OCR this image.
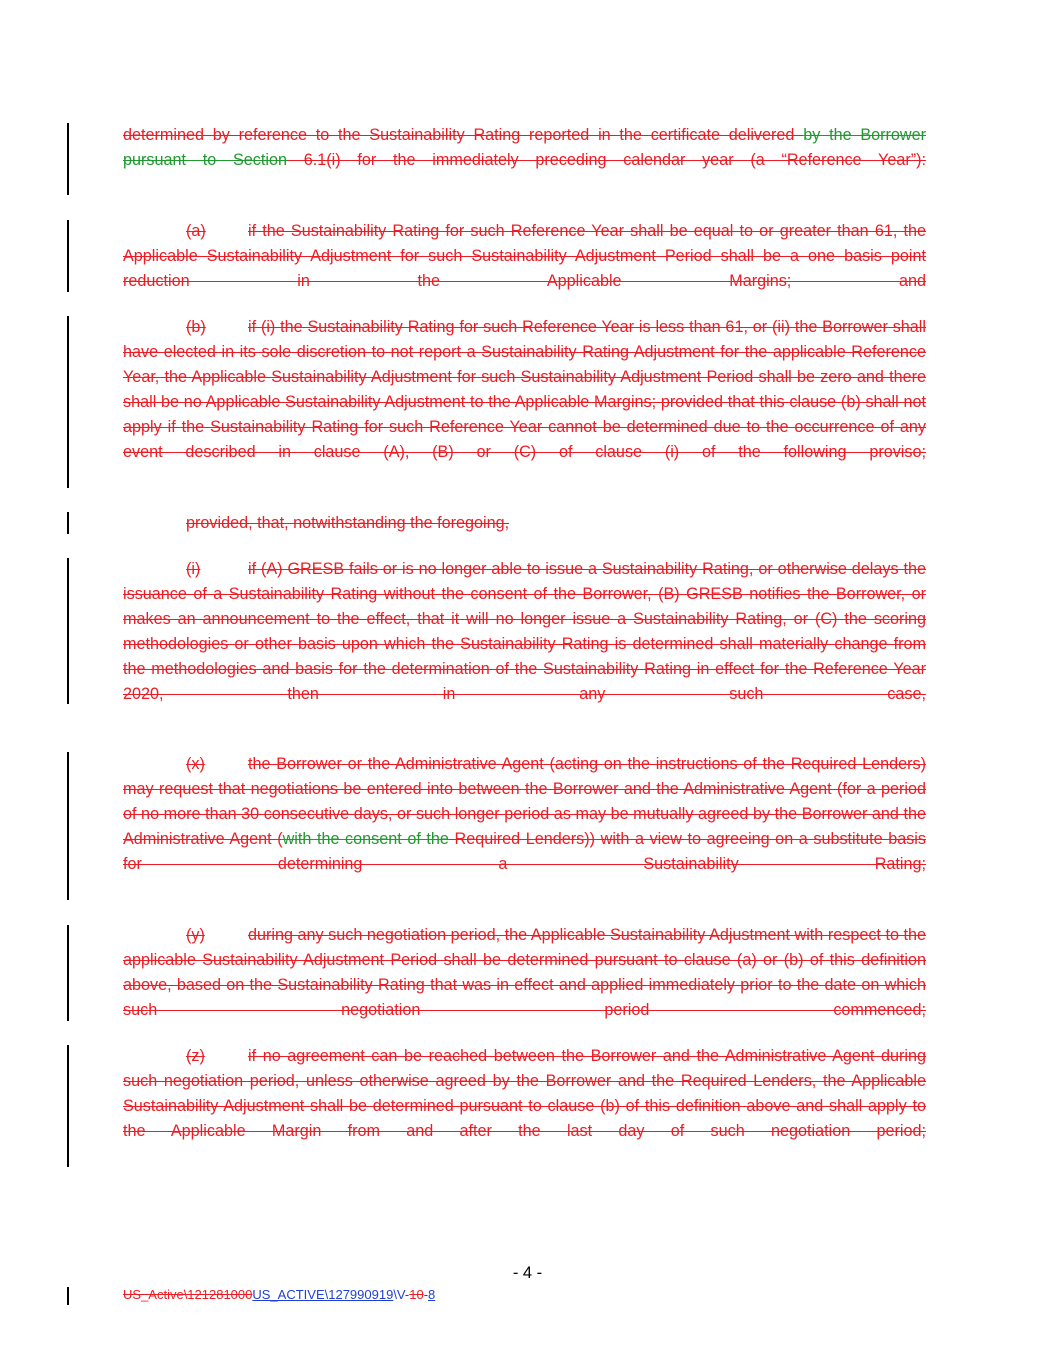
determined by reference to the Sustainability Rating reported in the certificate delivered by the Borrower pursuant to Section 6.1(i) for the immediately preceding calendar year (a “Reference Year”):

(a)	if the Sustainability Rating for such Reference Year shall be equal to or greater than 61, the Applicable Sustainability Adjustment for such Sustainability Adjustment Period shall be a one basis point reduction in the Applicable Margins; and

(b)	if (i) the Sustainability Rating for such Reference Year is less than 61, or (ii) the Borrower shall have elected in its sole discretion to not report a Sustainability Rating Adjustment for the applicable Reference Year, the Applicable Sustainability Adjustment for such Sustainability Adjustment Period shall be zero and there shall be no Applicable Sustainability Adjustment to the Applicable Margins; provided that this clause (b) shall not apply if the Sustainability Rating for such Reference Year cannot be determined due to the occurrence of any event described in clause (A), (B) or (C) of clause (i) of the following proviso;

provided, that, notwithstanding the foregoing,

(i)	if (A) GRESB fails or is no longer able to issue a Sustainability Rating, or otherwise delays the issuance of a Sustainability Rating without the consent of the Borrower, (B) GRESB notifies the Borrower, or makes an announcement to the effect, that it will no longer issue a Sustainability Rating, or (C) the scoring methodologies or other basis upon which the Sustainability Rating is determined shall materially change from the methodologies and basis for the determination of the Sustainability Rating in effect for the Reference Year 2020, then in any such case,

(x)	the Borrower or the Administrative Agent (acting on the instructions of the Required Lenders) may request that negotiations be entered into between the Borrower and the Administrative Agent (for a period of no more than 30 consecutive days, or such longer period as may be mutually agreed by the Borrower and the Administrative Agent (with the consent of the Required Lenders)) with a view to agreeing on a substitute basis for determining a Sustainability Rating;

(y)	during any such negotiation period, the Applicable Sustainability Adjustment with respect to the applicable Sustainability Adjustment Period shall be determined pursuant to clause (a) or (b) of this definition above, based on the Sustainability Rating that was in effect and applied immediately prior to the date on which such negotiation period commenced;

(z)	if no agreement can be reached between the Borrower and the Administrative Agent during such negotiation period, unless otherwise agreed by the Borrower and the Required Lenders, the Applicable Sustainability Adjustment shall be determined pursuant to clause (b) of this definition above and shall apply to the Applicable Margin from and after the last day of such negotiation period;

- 4 -
US_Active\121281000US_ACTIVE\127990919\V-10-8
